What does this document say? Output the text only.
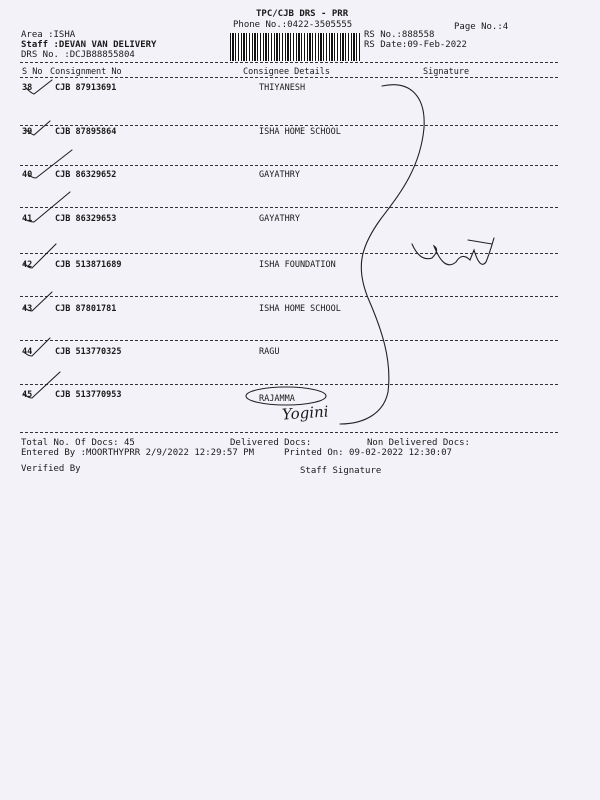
TPC/CJB DRS - PRR
Phone No.:0422-3505555	Page No.:4
Area :ISHA
Staff :DEVAN VAN DELIVERY
DRS No. :DCJB88855804
RS No.:888558
RS Date:09-Feb-2022
S No Consignment No	Consignee Details	Signature
38	CJB 87913691	THIYANESH
39	CJB 87895864	ISHA HOME SCHOOL
40	CJB 86329652	GAYATHRY
41	CJB 86329653	GAYATHRY
42	CJB 513871689	ISHA FOUNDATION
43	CJB 87801781	ISHA HOME SCHOOL
44	CJB 513770325	RAGU
45	CJB 513770953	RAJAMMA
Yogini
Total No. Of Docs: 45	Delivered Docs:	Non Delivered Docs:
Entered By :MOORTHYPRR 2/9/2022 12:29:57 PM	Printed On: 09-02-2022 12:30:07
Verified By	Staff Signature
